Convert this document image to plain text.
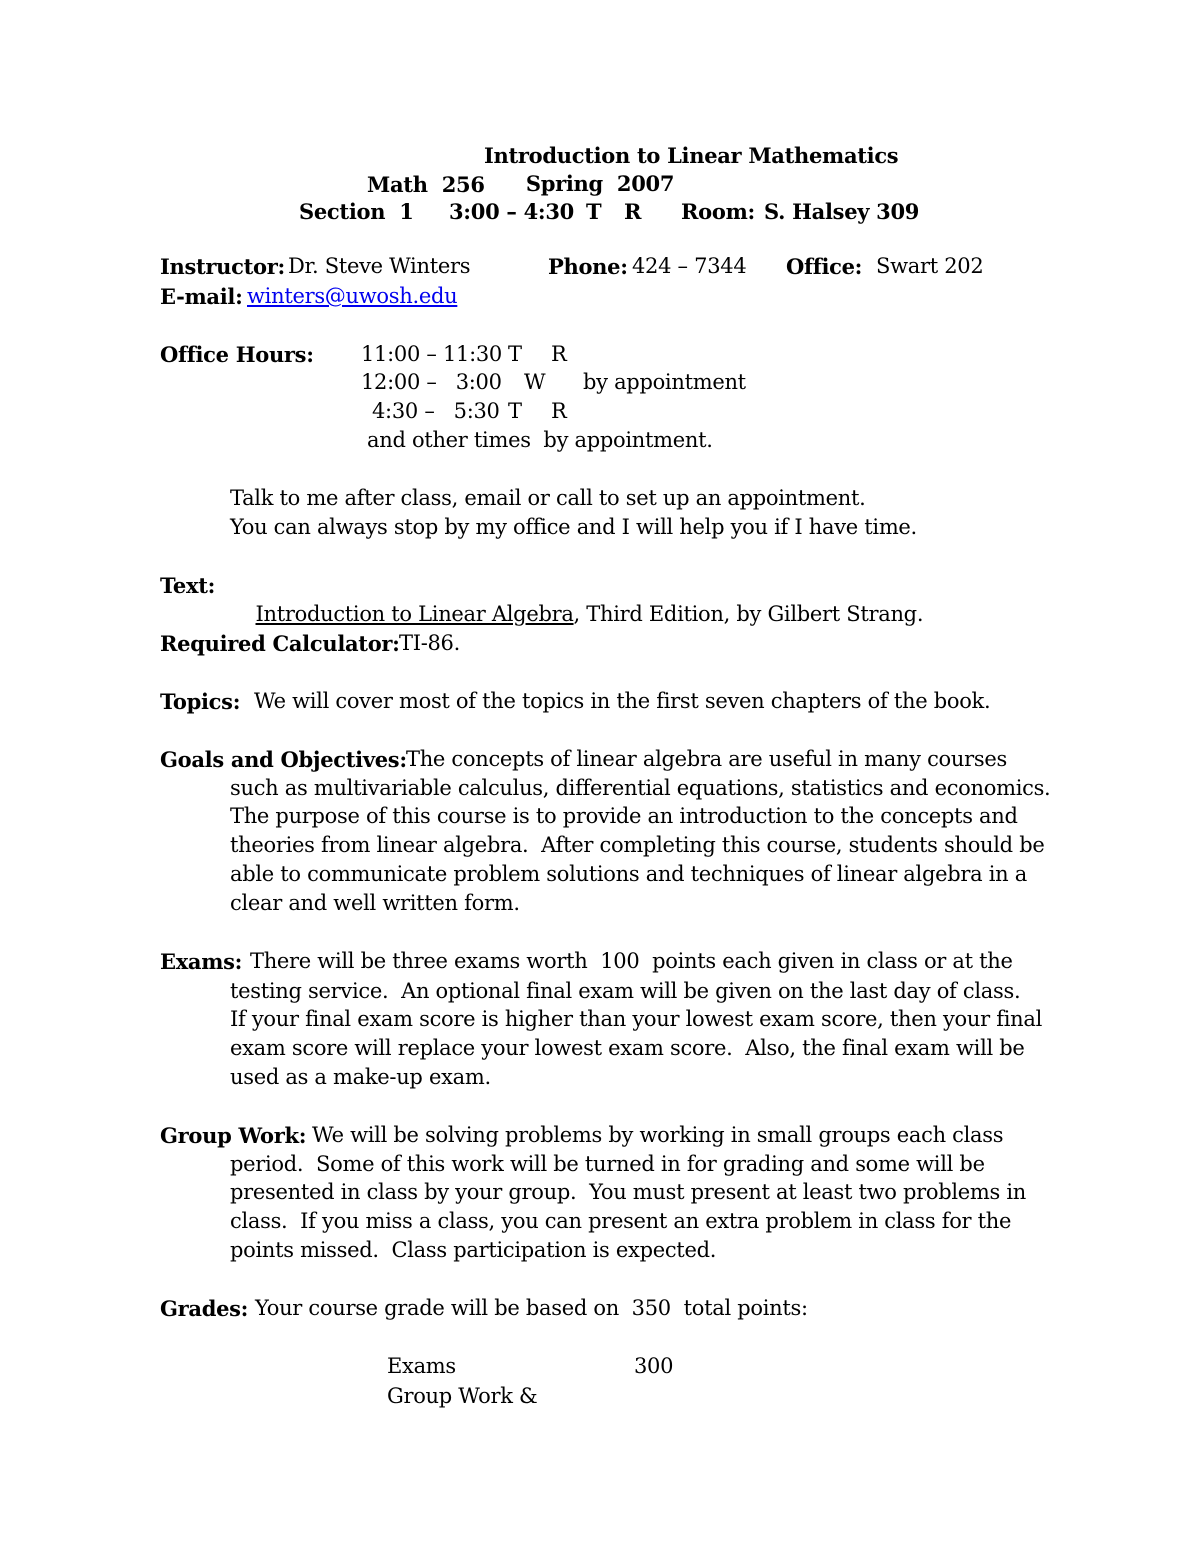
Math  256

Introduction to Linear Mathematics
Spring  2007
Section  1 3:00 – 4:30 T R Room: S. Halsey 309
Instructor: Dr. Steve Winters	Phone: 424 – 7344 Office: Swart 202
E-mail: winters@uwosh.edu
Office Hours: 11:00 – 11:30 T R
12:00 –   3:00 W by appointment
4:30 –   5:30 T R
and other times  by appointment.
Talk to me after class, email or call to set up an appointment.
You can always stop by my office and I will help you if I have time.
Text:

Introduction to Linear Algebra, Third Edition, by Gilbert Strang.

Required Calculator: TI-86.
Topics: We will cover most of the topics in the first seven chapters of the book.
Goals and Objectives: The concepts of linear algebra are useful in many courses
such as multivariable calculus, differential equations, statistics and economics.
The purpose of this course is to provide an introduction to the concepts and
theories from linear algebra.  After completing this course, students should be
able to communicate problem solutions and techniques of linear algebra in a
clear and well written form.
Exams: There will be three exams worth  100  points each given in class or at the
testing service.  An optional final exam will be given on the last day of class.
If your final exam score is higher than your lowest exam score, then your final
exam score will replace your lowest exam score.  Also, the final exam will be
used as a make-up exam.
Group Work: We will be solving problems by working in small groups each class
period.  Some of this work will be turned in for grading and some will be
presented in class by your group.  You must present at least two problems in
class.  If you miss a class, you can present an extra problem in class for the
points missed.  Class participation is expected.
Grades: Your course grade will be based on  350  total points:
Exams	300
Group Work &
